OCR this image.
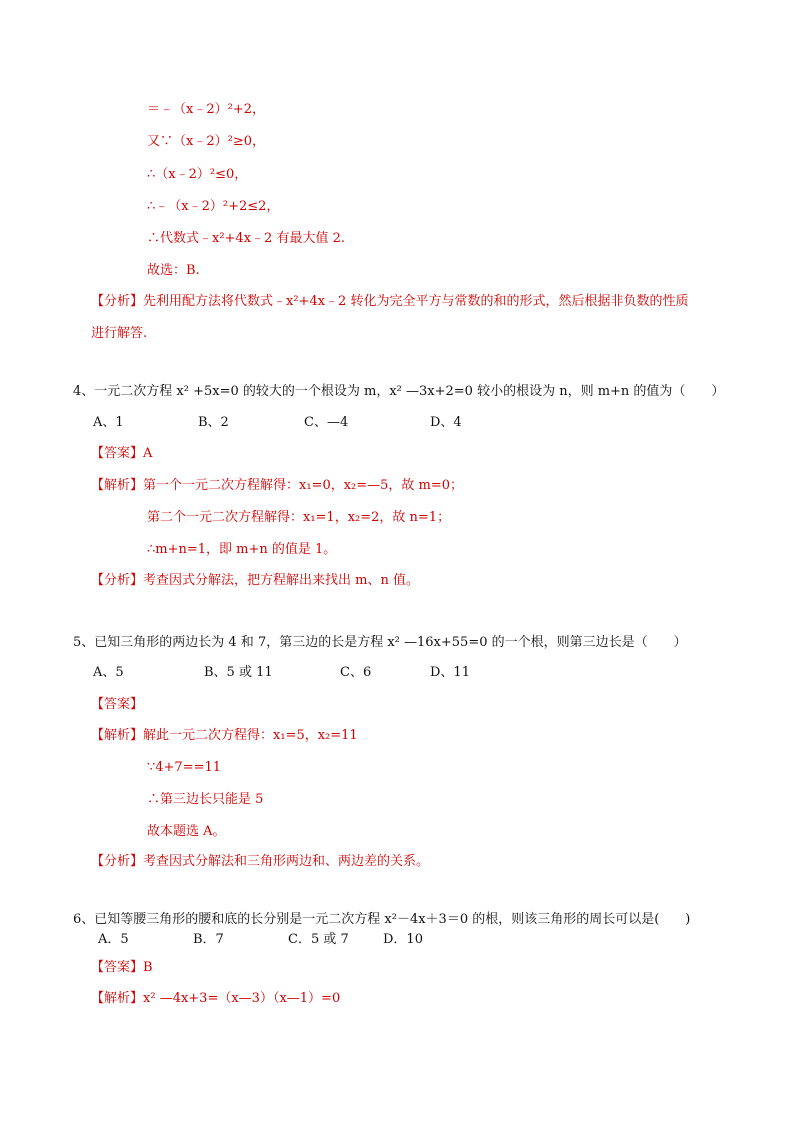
＝﹣（x﹣2）²+2，
又∵（x﹣2）²≥0，
∴（x﹣2）²≤0，
∴﹣（x﹣2）²+2≤2，
∴代数式﹣x²+4x﹣2 有最大值 2.
故选：B.
【分析】先利用配方法将代数式﹣x²+4x﹣2 转化为完全平方与常数的和的形式，然后根据非负数的性质
进行解答.
4、一元二次方程 x² +5x=0 的较大的一个根设为 m，x² —3x+2=0 较小的根设为 n，则 m+n 的值为（　　）
A、1	B、2	C、—4	D、4
【答案】A
【解析】第一个一元二次方程解得：x₁=0，x₂=—5，故 m=0；
第二个一元二次方程解得：x₁=1，x₂=2，故 n=1；
∴m+n=1，即 m+n 的值是 1。
【分析】考查因式分解法，把方程解出来找出 m、n 值。
5、已知三角形的两边长为 4 和 7，第三边的长是方程 x² —16x+55=0 的一个根，则第三边长是（　　）
A、5	B、5 或 11	C、6	D、11
【答案】
【解析】解此一元二次方程得：x₁=5，x₂=11
∵4+7==11
∴第三边长只能是 5
故本题选 A。
【分析】考查因式分解法和三角形两边和、两边差的关系。
6、已知等腰三角形的腰和底的长分别是一元二次方程 x²－4x＋3＝0 的根，则该三角形的周长可以是(　　)
A．5	B．7	C．5 或 7	D．10
【答案】B
【解析】x² —4x+3=（x—3）（x—1）=0
